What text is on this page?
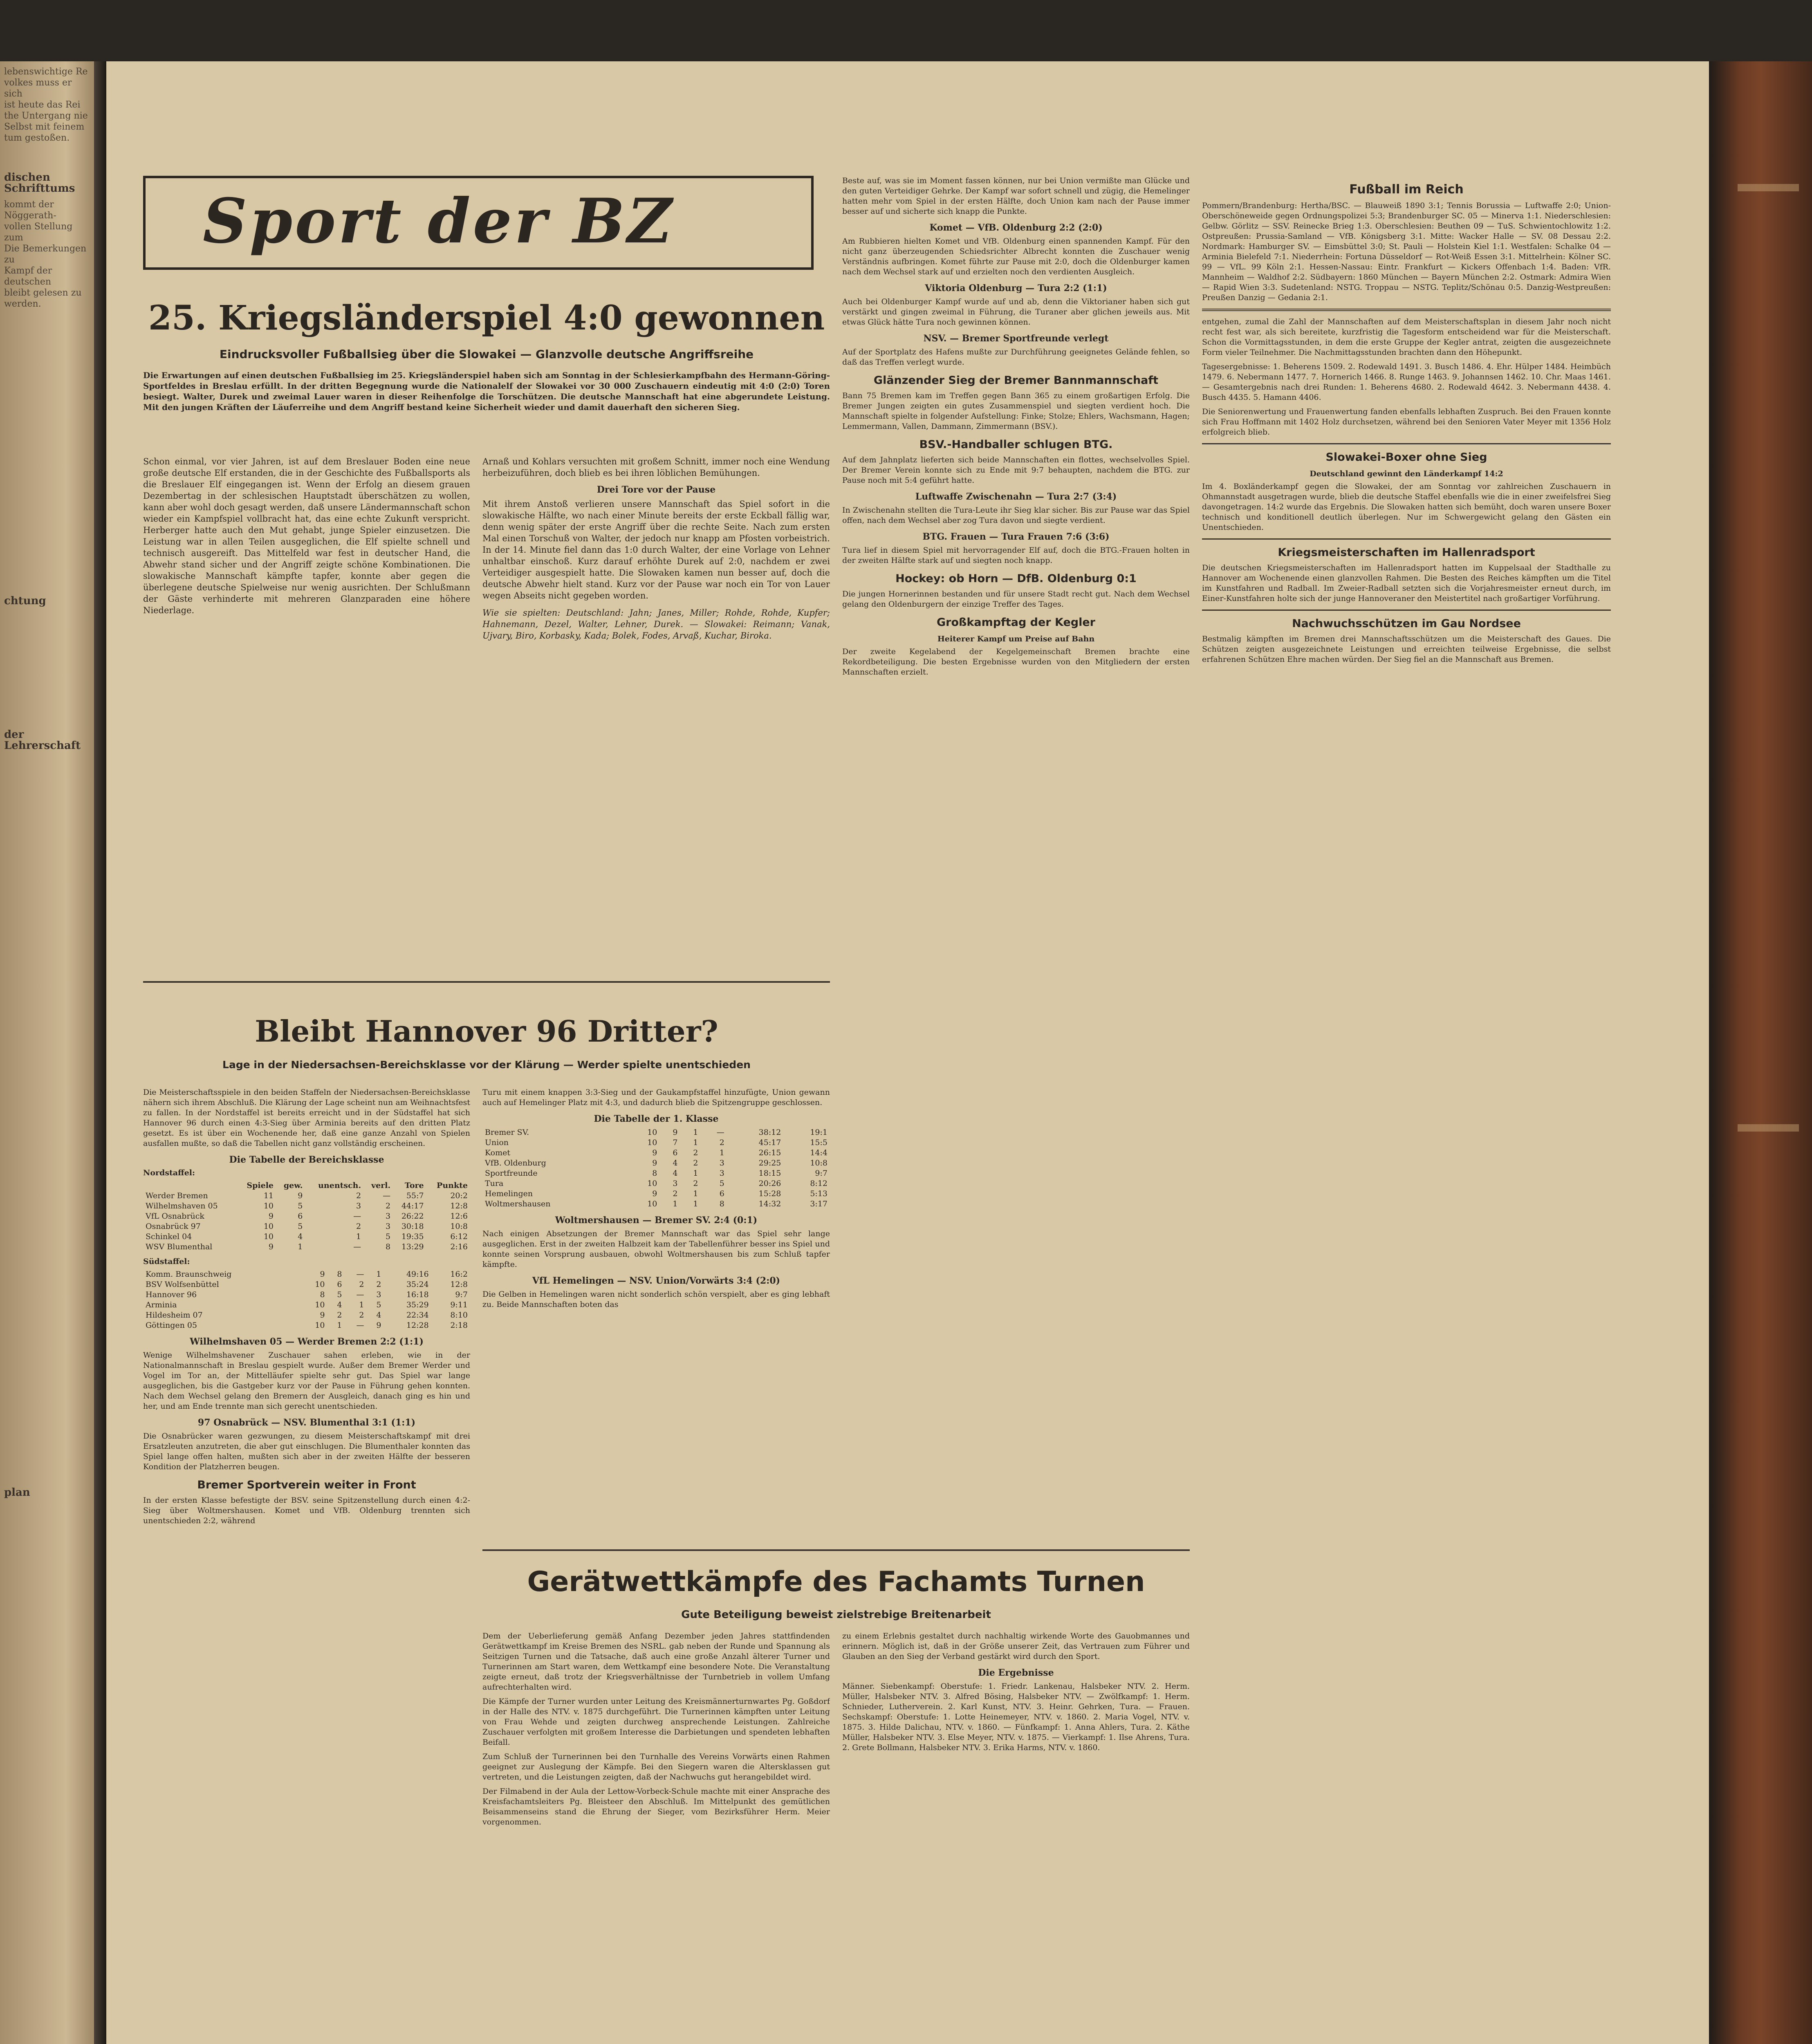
lebenswichtige Re
volkes muss er sich
ist heute das Rei
the Untergang nie
Selbst mit feinem
tum gestoßen.
dischen Schrifttums
kommt der Nöggerath-
vollen Stellung zum
Die Bemerkungen zu
Kampf der deutschen
bleibt gelesen zu werden.
chtung
der Lehrerschaft
plan
Sport der BZ
25. Kriegsländerspiel 4:0 gewonnen
Eindrucksvoller Fußballsieg über die Slowakei — Glanzvolle deutsche Angriffsreihe

Die Erwartungen auf einen deutschen Fußballsieg im 25. Kriegsländerspiel haben sich am Sonntag in der Schlesierkampfbahn des Hermann-Göring-Sportfeldes in Breslau erfüllt. In der dritten Begegnung wurde die Nationalelf der Slowakei vor 30 000 Zuschauern eindeutig mit 4:0 (2:0) Toren besiegt. Walter, Durek und zweimal Lauer waren in dieser Reihenfolge die Torschützen. Die deutsche Mannschaft hat eine abgerundete Leistung. Mit den jungen Kräften der Läuferreihe und dem Angriff bestand keine Sicherheit wieder und damit dauerhaft den sicheren Sieg.

Schon einmal, vor vier Jahren, ist auf dem Breslauer Boden eine neue große deutsche Elf erstanden, die in der Geschichte des Fußballsports als die Breslauer Elf eingegangen ist. Wenn der Erfolg an diesem grauen Dezembertag in der schlesischen Hauptstadt überschätzen zu wollen, kann aber wohl doch gesagt werden, daß unsere Ländermannschaft schon wieder ein Kampfspiel vollbracht hat, das eine echte Zukunft verspricht. Herberger hatte auch den Mut gehabt, junge Spieler einzusetzen. Die Leistung war in allen Teilen ausgeglichen, die Elf spielte schnell und technisch ausgereift. Das Mittelfeld war fest in deutscher Hand, die Abwehr stand sicher und der Angriff zeigte schöne Kombinationen. Die slowakische Mannschaft kämpfte tapfer, konnte aber gegen die überlegene deutsche Spielweise nur wenig ausrichten. Der Schlußmann der Gäste verhinderte mit mehreren Glanzparaden eine höhere Niederlage.

Arnaß und Kohlars versuchten mit großem Schnitt, immer noch eine Wendung herbeizuführen, doch blieb es bei ihren löblichen Bemühungen.

Drei Tore vor der Pause

Mit ihrem Anstoß verlieren unsere Mannschaft das Spiel sofort in die slowakische Hälfte, wo nach einer Minute bereits der erste Eckball fällig war, denn wenig später der erste Angriff über die rechte Seite. Nach zum ersten Mal einen Torschuß von Walter, der jedoch nur knapp am Pfosten vorbeistrich. In der 14. Minute fiel dann das 1:0 durch Walter, der eine Vorlage von Lehner unhaltbar einschoß. Kurz darauf erhöhte Durek auf 2:0, nachdem er zwei Verteidiger ausgespielt hatte. Die Slowaken kamen nun besser auf, doch die deutsche Abwehr hielt stand. Kurz vor der Pause war noch ein Tor von Lauer wegen Abseits nicht gegeben worden.

Wie sie spielten: Deutschland: Jahn; Janes, Miller; Rohde, Rohde, Kupfer; Hahnemann, Dezel, Walter, Lehner, Durek. — Slowakei: Reimann; Vanak, Ujvary, Biro, Korbasky, Kada; Bolek, Fodes, Arvaß, Kuchar, Biroka.

Bleibt Hannover 96 Dritter?
Lage in der Niedersachsen-Bereichsklasse vor der Klärung — Werder spielte unentschieden

Die Meisterschaftsspiele in den beiden Staffeln der Niedersachsen-Bereichsklasse nähern sich ihrem Abschluß. Die Klärung der Lage scheint nun am Weihnachtsfest zu fallen. In der Nordstaffel ist bereits erreicht und in der Südstaffel hat sich Hannover 96 durch einen 4:3-Sieg über Arminia bereits auf den dritten Platz gesetzt. Es ist über ein Wochenende her, daß eine ganze Anzahl von Spielen ausfallen mußte, so daß die Tabellen nicht ganz vollständig erscheinen.

Die Tabelle der Bereichsklasse
Nordstaffel:
	Spiele	gew.	unentsch.	verl.	Tore	Punkte
Werder Bremen	11	9	2	—	55:7	20:2
Wilhelmshaven 05	10	5	3	2	44:17	12:8
VfL Osnabrück	9	6	—	3	26:22	12:6
Osnabrück 97	10	5	2	3	30:18	10:8
Schinkel 04	10	4	1	5	19:35	6:12
WSV Blumenthal	9	1	—	8	13:29	2:16
Südstaffel:
Komm. Braunschweig	9	8	—	1	49:16	16:2
BSV Wolfsenbüttel	10	6	2	2	35:24	12:8
Hannover 96	8	5	—	3	16:18	9:7
Arminia	10	4	1	5	35:29	9:11
Hildesheim 07	9	2	2	4	22:34	8:10
Göttingen 05	10	1	—	9	12:28	2:18
Wilhelmshaven 05 — Werder Bremen 2:2 (1:1)

Wenige Wilhelmshavener Zuschauer sahen erleben, wie in der Nationalmannschaft in Breslau gespielt wurde. Außer dem Bremer Werder und Vogel im Tor an, der Mittelläufer spielte sehr gut. Das Spiel war lange ausgeglichen, bis die Gastgeber kurz vor der Pause in Führung gehen konnten. Nach dem Wechsel gelang den Bremern der Ausgleich, danach ging es hin und her, und am Ende trennte man sich gerecht unentschieden.

97 Osnabrück — NSV. Blumenthal 3:1 (1:1)

Die Osnabrücker waren gezwungen, zu diesem Meisterschaftskampf mit drei Ersatzleuten anzutreten, die aber gut einschlugen. Die Blumenthaler konnten das Spiel lange offen halten, mußten sich aber in der zweiten Hälfte der besseren Kondition der Platzherren beugen.

Bremer Sportverein weiter in Front

In der ersten Klasse befestigte der BSV. seine Spitzenstellung durch einen 4:2-Sieg über Woltmershausen. Komet und VfB. Oldenburg trennten sich unentschieden 2:2, während

Turu mit einem knappen 3:3-Sieg und der Gaukampfstaffel hinzufügte, Union gewann auch auf Hemelinger Platz mit 4:3, und dadurch blieb die Spitzengruppe geschlossen.

Die Tabelle der 1. Klasse
Bremer SV.	10	9	1	—	38:12	19:1
Union	10	7	1	2	45:17	15:5
Komet	9	6	2	1	26:15	14:4
VfB. Oldenburg	9	4	2	3	29:25	10:8
Sportfreunde	8	4	1	3	18:15	9:7
Tura	10	3	2	5	20:26	8:12
Hemelingen	9	2	1	6	15:28	5:13
Woltmershausen	10	1	1	8	14:32	3:17
Woltmershausen — Bremer SV. 2:4 (0:1)

Nach einigen Absetzungen der Bremer Mannschaft war das Spiel sehr lange ausgeglichen. Erst in der zweiten Halbzeit kam der Tabellenführer besser ins Spiel und konnte seinen Vorsprung ausbauen, obwohl Woltmershausen bis zum Schluß tapfer kämpfte.

VfL Hemelingen — NSV. Union/Vorwärts 3:4 (2:0)

Die Gelben in Hemelingen waren nicht sonderlich schön verspielt, aber es ging lebhaft zu. Beide Mannschaften boten das

Beste auf, was sie im Moment fassen können, nur bei Union vermißte man Glücke und den guten Verteidiger Gehrke. Der Kampf war sofort schnell und zügig, die Hemelinger hatten mehr vom Spiel in der ersten Hälfte, doch Union kam nach der Pause immer besser auf und sicherte sich knapp die Punkte.

Komet — VfB. Oldenburg 2:2 (2:0)

Am Rubbieren hielten Komet und VfB. Oldenburg einen spannenden Kampf. Für den nicht ganz überzeugenden Schiedsrichter Albrecht konnten die Zuschauer wenig Verständnis aufbringen. Komet führte zur Pause mit 2:0, doch die Oldenburger kamen nach dem Wechsel stark auf und erzielten noch den verdienten Ausgleich.

Viktoria Oldenburg — Tura 2:2 (1:1)

Auch bei Oldenburger Kampf wurde auf und ab, denn die Viktorianer haben sich gut verstärkt und gingen zweimal in Führung, die Turaner aber glichen jeweils aus. Mit etwas Glück hätte Tura noch gewinnen können.

NSV. — Bremer Sportfreunde verlegt

Auf der Sportplatz des Hafens mußte zur Durchführung geeignetes Gelände fehlen, so daß das Treffen verlegt wurde.

Glänzender Sieg der Bremer Bannmannschaft

Bann 75 Bremen kam im Treffen gegen Bann 365 zu einem großartigen Erfolg. Die Bremer Jungen zeigten ein gutes Zusammenspiel und siegten verdient hoch. Die Mannschaft spielte in folgender Aufstellung: Finke; Stolze; Ehlers, Wachsmann, Hagen; Lemmermann, Vallen, Dammann, Zimmermann (BSV.).

BSV.-Handballer schlugen BTG.

Auf dem Jahnplatz lieferten sich beide Mannschaften ein flottes, wechselvolles Spiel. Der Bremer Verein konnte sich zu Ende mit 9:7 behaupten, nachdem die BTG. zur Pause noch mit 5:4 geführt hatte.

Luftwaffe Zwischenahn — Tura 2:7 (3:4)

In Zwischenahn stellten die Tura-Leute ihr Sieg klar sicher. Bis zur Pause war das Spiel offen, nach dem Wechsel aber zog Tura davon und siegte verdient.

BTG. Frauen — Tura Frauen 7:6 (3:6)

Tura lief in diesem Spiel mit hervorragender Elf auf, doch die BTG.-Frauen holten in der zweiten Hälfte stark auf und siegten noch knapp.

Hockey: ob Horn — DfB. Oldenburg 0:1

Die jungen Hornerinnen bestanden und für unsere Stadt recht gut. Nach dem Wechsel gelang den Oldenburgern der einzige Treffer des Tages.

Großkampftag der Kegler
Heiterer Kampf um Preise auf Bahn

Der zweite Kegelabend der Kegelgemeinschaft Bremen brachte eine Rekordbeteiligung. Die besten Ergebnisse wurden von den Mitgliedern der ersten Mannschaften erzielt.

Gerätwettkämpfe des Fachamts Turnen
Gute Beteiligung beweist zielstrebige Breitenarbeit

Dem der Ueberlieferung gemäß Anfang Dezember jeden Jahres stattfindenden Gerätwettkampf im Kreise Bremen des NSRL. gab neben der Runde und Spannung als Seitzigen Turnen und die Tatsache, daß auch eine große Anzahl älterer Turner und Turnerinnen am Start waren, dem Wettkampf eine besondere Note. Die Veranstaltung zeigte erneut, daß trotz der Kriegsverhältnisse der Turnbetrieb in vollem Umfang aufrechterhalten wird.

Die Kämpfe der Turner wurden unter Leitung des Kreismännerturnwartes Pg. Goßdorf in der Halle des NTV. v. 1875 durchgeführt. Die Turnerinnen kämpften unter Leitung von Frau Wehde und zeigten durchweg ansprechende Leistungen. Zahlreiche Zuschauer verfolgten mit großem Interesse die Darbietungen und spendeten lebhaften Beifall.

Zum Schluß der Turnerinnen bei den Turnhalle des Vereins Vorwärts einen Rahmen geeignet zur Auslegung der Kämpfe. Bei den Siegern waren die Altersklassen gut vertreten, und die Leistungen zeigten, daß der Nachwuchs gut herangebildet wird.

Der Filmabend in der Aula der Lettow-Vorbeck-Schule machte mit einer Ansprache des Kreisfachamtsleiters Pg. Bleisteer den Abschluß. Im Mittelpunkt des gemütlichen Beisammenseins stand die Ehrung der Sieger, vom Bezirksführer Herm. Meier vorgenommen.

zu einem Erlebnis gestaltet durch nachhaltig wirkende Worte des Gauobmannes und erinnern. Möglich ist, daß in der Größe unserer Zeit, das Vertrauen zum Führer und Glauben an den Sieg der Verband gestärkt wird durch den Sport.

Die Ergebnisse

Männer. Siebenkampf: Oberstufe: 1. Friedr. Lankenau, Halsbeker NTV. 2. Herm. Müller, Halsbeker NTV. 3. Alfred Bösing, Halsbeker NTV. — Zwölfkampf: 1. Herm. Schnieder, Lutherverein. 2. Karl Kunst, NTV. 3. Heinr. Gehrken, Tura. — Frauen. Sechskampf: Oberstufe: 1. Lotte Heinemeyer, NTV. v. 1860. 2. Maria Vogel, NTV. v. 1875. 3. Hilde Dalichau, NTV. v. 1860. — Fünfkampf: 1. Anna Ahlers, Tura. 2. Käthe Müller, Halsbeker NTV. 3. Else Meyer, NTV. v. 1875. — Vierkampf: 1. Ilse Ahrens, Tura. 2. Grete Bollmann, Halsbeker NTV. 3. Erika Harms, NTV. v. 1860.

Fußball im Reich

Pommern/Brandenburg: Hertha/BSC. — Blauweiß 1890 3:1; Tennis Borussia — Luftwaffe 2:0; Union-Oberschöneweide gegen Ordnungspolizei 5:3; Brandenburger SC. 05 — Minerva 1:1. Niederschlesien: Gelbw. Görlitz — SSV. Reinecke Brieg 1:3. Oberschlesien: Beuthen 09 — TuS. Schwientochlowitz 1:2. Ostpreußen: Prussia-Samland — VfB. Königsberg 3:1. Mitte: Wacker Halle — SV. 08 Dessau 2:2. Nordmark: Hamburger SV. — Eimsbüttel 3:0; St. Pauli — Holstein Kiel 1:1. Westfalen: Schalke 04 — Arminia Bielefeld 7:1. Niederrhein: Fortuna Düsseldorf — Rot-Weiß Essen 3:1. Mittelrhein: Kölner SC. 99 — VfL. 99 Köln 2:1. Hessen-Nassau: Eintr. Frankfurt — Kickers Offenbach 1:4. Baden: VfR. Mannheim — Waldhof 2:2. Südbayern: 1860 München — Bayern München 2:2. Ostmark: Admira Wien — Rapid Wien 3:3. Sudetenland: NSTG. Troppau — NSTG. Teplitz/Schönau 0:5. Danzig-Westpreußen: Preußen Danzig — Gedania 2:1.

entgehen, zumal die Zahl der Mannschaften auf dem Meisterschaftsplan in diesem Jahr noch nicht recht fest war, als sich bereitete, kurzfristig die Tagesform entscheidend war für die Meisterschaft. Schon die Vormittagsstunden, in dem die erste Gruppe der Kegler antrat, zeigten die ausgezeichnete Form vieler Teilnehmer. Die Nachmittagsstunden brachten dann den Höhepunkt.

Tagesergebnisse: 1. Beherens 1509. 2. Rodewald 1491. 3. Busch 1486. 4. Ehr. Hülper 1484. Heimbüch 1479. 6. Nebermann 1477. 7. Hornerich 1466. 8. Runge 1463. 9. Johannsen 1462. 10. Chr. Maas 1461. — Gesamtergebnis nach drei Runden: 1. Beherens 4680. 2. Rodewald 4642. 3. Nebermann 4438. 4. Busch 4435. 5. Hamann 4406.

Die Seniorenwertung und Frauenwertung fanden ebenfalls lebhaften Zuspruch. Bei den Frauen konnte sich Frau Hoffmann mit 1402 Holz durchsetzen, während bei den Senioren Vater Meyer mit 1356 Holz erfolgreich blieb.

Slowakei-Boxer ohne Sieg
Deutschland gewinnt den Länderkampf 14:2

Im 4. Boxländerkampf gegen die Slowakei, der am Sonntag vor zahlreichen Zuschauern in Ohmannstadt ausgetragen wurde, blieb die deutsche Staffel ebenfalls wie die in einer zweifelsfrei Sieg davongetragen. 14:2 wurde das Ergebnis. Die Slowaken hatten sich bemüht, doch waren unsere Boxer technisch und konditionell deutlich überlegen. Nur im Schwergewicht gelang den Gästen ein Unentschieden.

Kriegsmeisterschaften im Hallenradsport

Die deutschen Kriegsmeisterschaften im Hallenradsport hatten im Kuppelsaal der Stadthalle zu Hannover am Wochenende einen glanzvollen Rahmen. Die Besten des Reiches kämpften um die Titel im Kunstfahren und Radball. Im Zweier-Radball setzten sich die Vorjahresmeister erneut durch, im Einer-Kunstfahren holte sich der junge Hannoveraner den Meistertitel nach großartiger Vorführung.

Nachwuchsschützen im Gau Nordsee

Bestmalig kämpften im Bremen drei Mannschaftsschützen um die Meisterschaft des Gaues. Die Schützen zeigten ausgezeichnete Leistungen und erreichten teilweise Ergebnisse, die selbst erfahrenen Schützen Ehre machen würden. Der Sieg fiel an die Mannschaft aus Bremen.
